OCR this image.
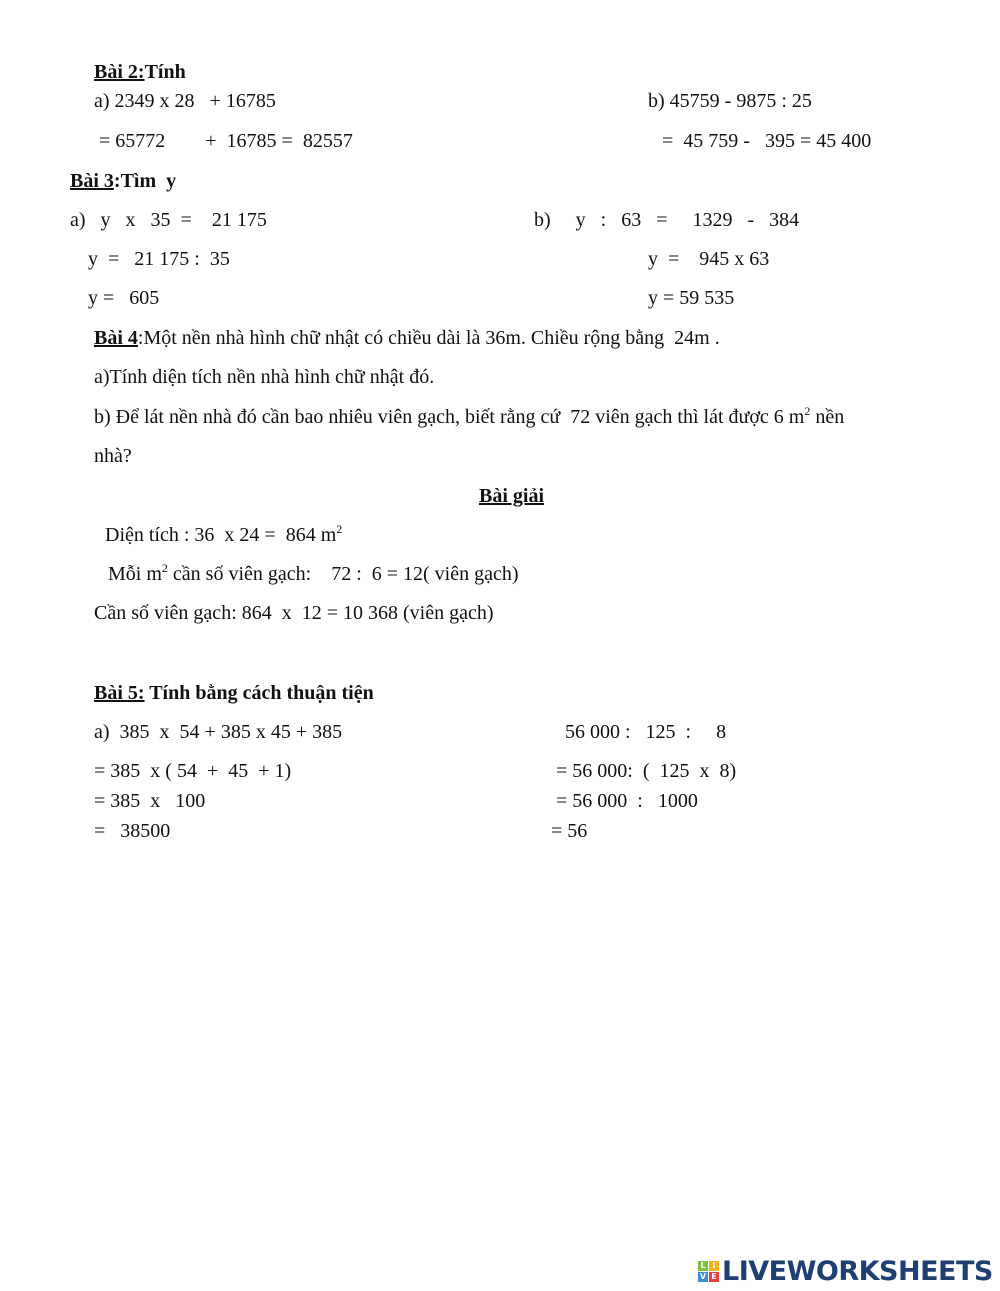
Bài 2:Tính
a) 2349 x 28   + 16785
= 65772        +  16785 =  82557
b) 45759 - 9875 : 25
=  45 759 -   395 = 45 400
Bài 3:Tìm  y
a)   y   x   35  =    21 175
y  =   21 175 :  35
y =   605
b)     y   :   63   =     1329   -   384
y  =    945 x 63
y = 59 535
Bài 4:Một nền nhà hình chữ nhật có chiều dài là 36m. Chiều rộng bằng  24m .
a)Tính diện tích nền nhà hình chữ nhật đó.
b) Để lát nền nhà đó cần bao nhiêu viên gạch, biết rằng cứ  72 viên gạch thì lát được 6 $m^2$ nền
nhà?
Bài giải
Diện tích : 36  x 24 =  864 $m^2$
Mỗi $m^2$ cần số viên gạch:    72 :  6 = 12( viên gạch)
Cần số viên gạch: 864  x  12 = 10 368 (viên gạch)
Bài 5: Tính bằng cách thuận tiện
a)  385  x  54 + 385 x 45 + 385
= 385  x ( 54  +  45  + 1)
= 385  x   100
=   38500
56 000 :   125  :     8
= 56 000:  (  125  x  8)
= 56 000  :   1000
= 56
L I
V E LIVEWORKSHEETS
